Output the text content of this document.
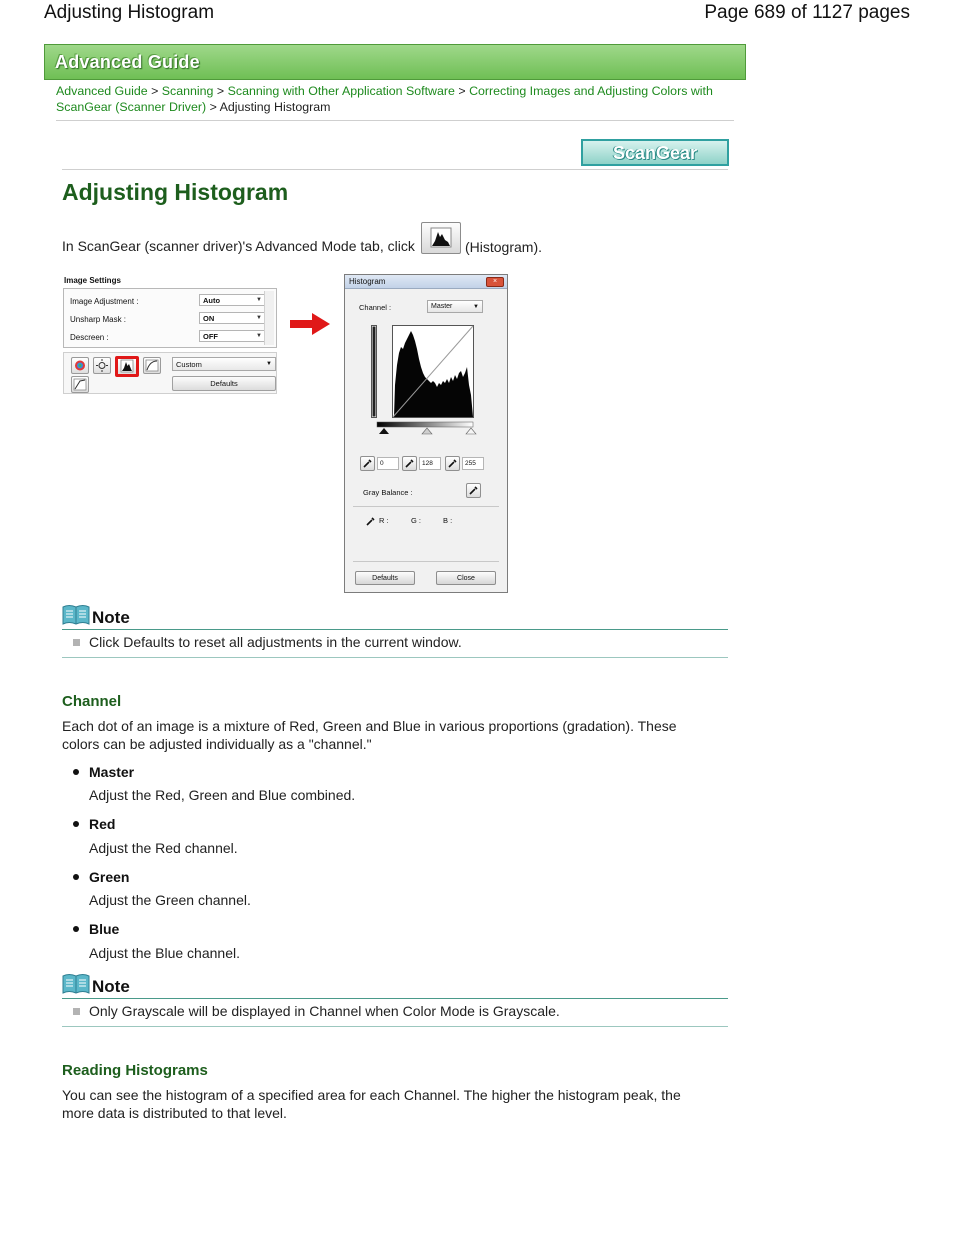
Adjusting Histogram	Page 689 of 1127 pages
Advanced Guide
Advanced Guide > Scanning > Scanning with Other Application Software > Correcting Images and Adjusting Colors with
ScanGear (Scanner Driver) > Adjusting Histogram
ScanGear
Adjusting Histogram
In ScanGear (scanner driver)'s Advanced Mode tab, click	(Histogram).
Image Settings
Image Adjustment :	Auto ▼
Unsharp Mask :	ON ▼
Descreen :	OFF ▼
Custom ▼
Defaults
Histogram	×
Channel :	Master ▼
0	128	255
Gray Balance :
R :	G :	B :
Defaults	Close
Note
Click Defaults to reset all adjustments in the current window.
Channel
Each dot of an image is a mixture of Red, Green and Blue in various proportions (gradation). These
colors can be adjusted individually as a "channel."
Master
Adjust the Red, Green and Blue combined.
Red
Adjust the Red channel.
Green
Adjust the Green channel.
Blue
Adjust the Blue channel.
Note
Only Grayscale will be displayed in Channel when Color Mode is Grayscale.
Reading Histograms
You can see the histogram of a specified area for each Channel. The higher the histogram peak, the
more data is distributed to that level.
